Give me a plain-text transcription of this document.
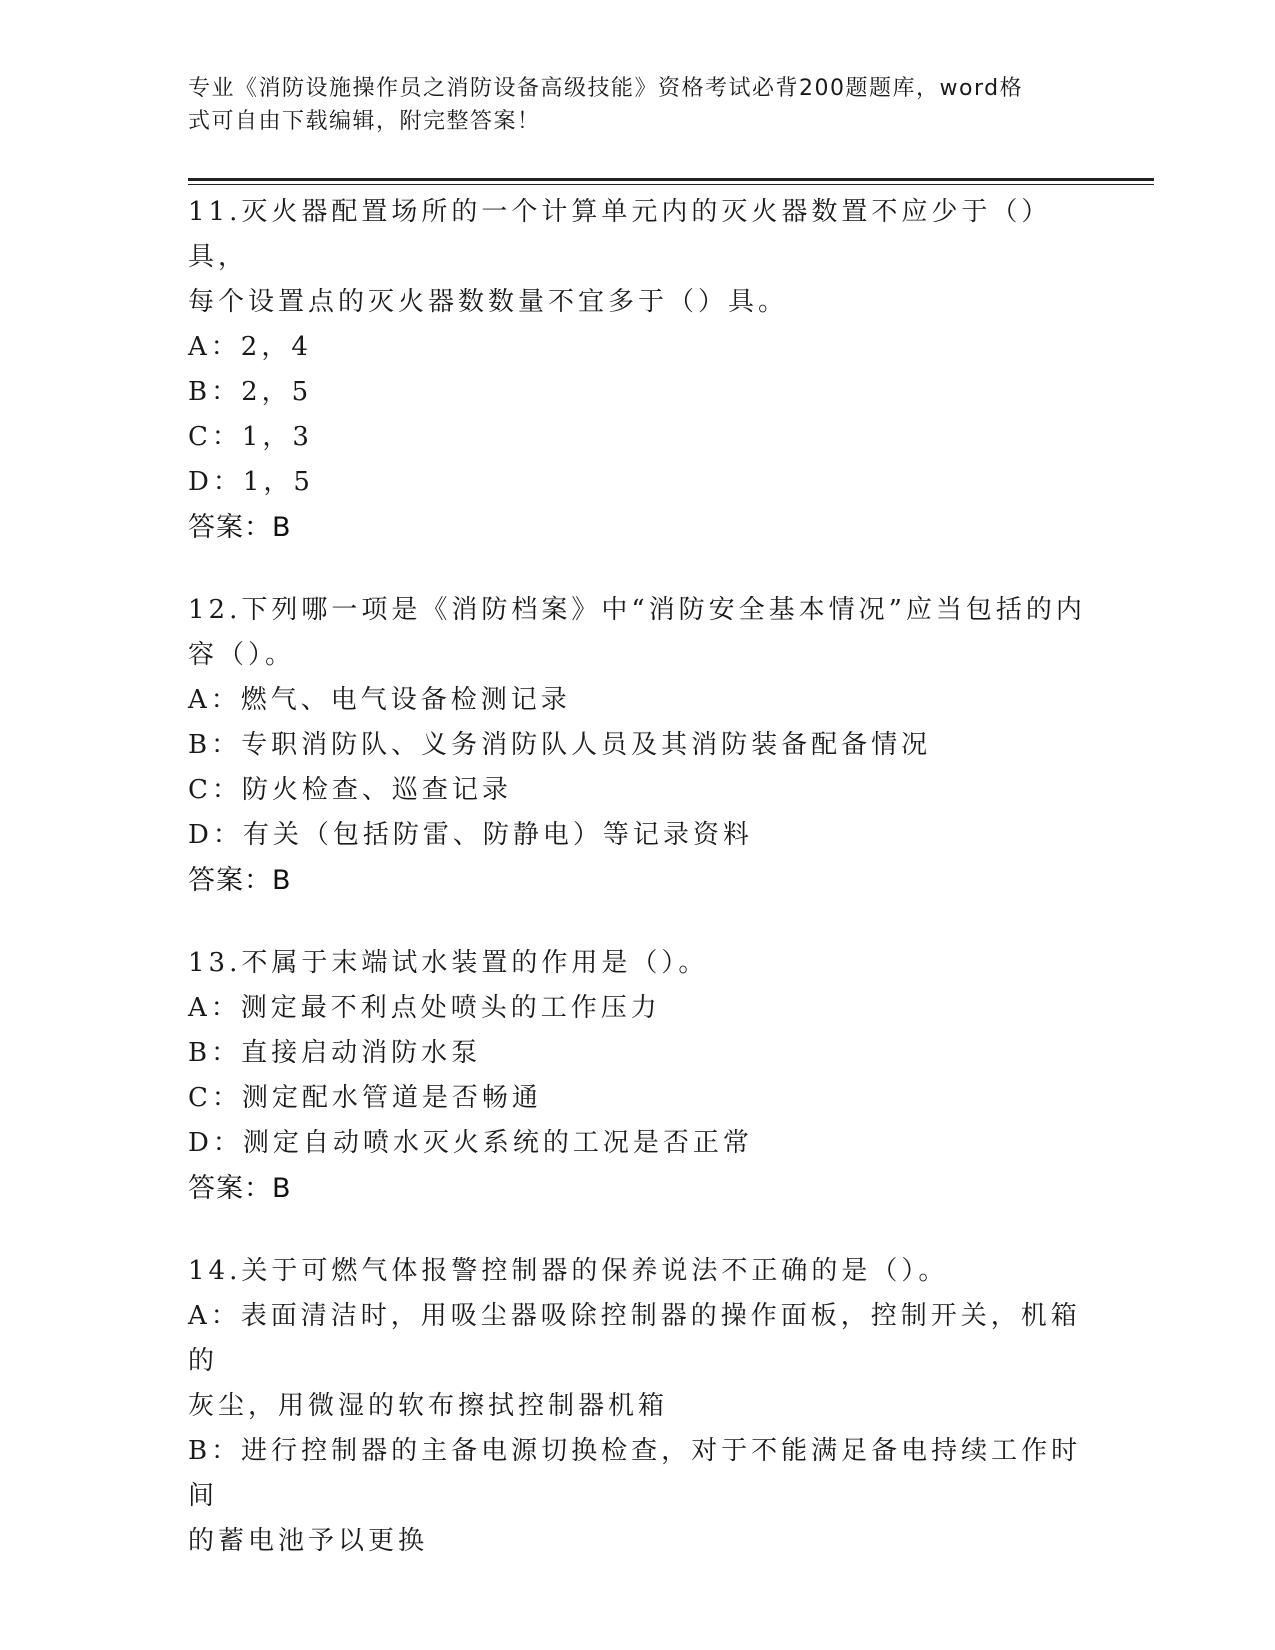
专业《消防设施操作员之消防设备高级技能》资格考试必背200题题库，word格
式可自由下载编辑，附完整答案！

11.灭火器配置场所的一个计算单元内的灭火器数置不应少于（）具，

每个设置点的灭火器数数量不宜多于（）具。

A：2，4

B：2，5

C：1，3

D：1，5

答案：B

12.下列哪一项是《消防档案》中“消防安全基本情况”应当包括的内

容（）。

A：燃气、电气设备检测记录

B：专职消防队、义务消防队人员及其消防装备配备情况

C：防火检查、巡查记录

D：有关（包括防雷、防静电）等记录资料

答案：B

13.不属于末端试水装置的作用是（）。

A：测定最不利点处喷头的工作压力

B：直接启动消防水泵

C：测定配水管道是否畅通

D：测定自动喷水灭火系统的工况是否正常

答案：B

14.关于可燃气体报警控制器的保养说法不正确的是（）。

A：表面清洁时，用吸尘器吸除控制器的操作面板，控制开关，机箱的

灰尘，用微湿的软布擦拭控制器机箱

B：进行控制器的主备电源切换检查，对于不能满足备电持续工作时间

的蓄电池予以更换
